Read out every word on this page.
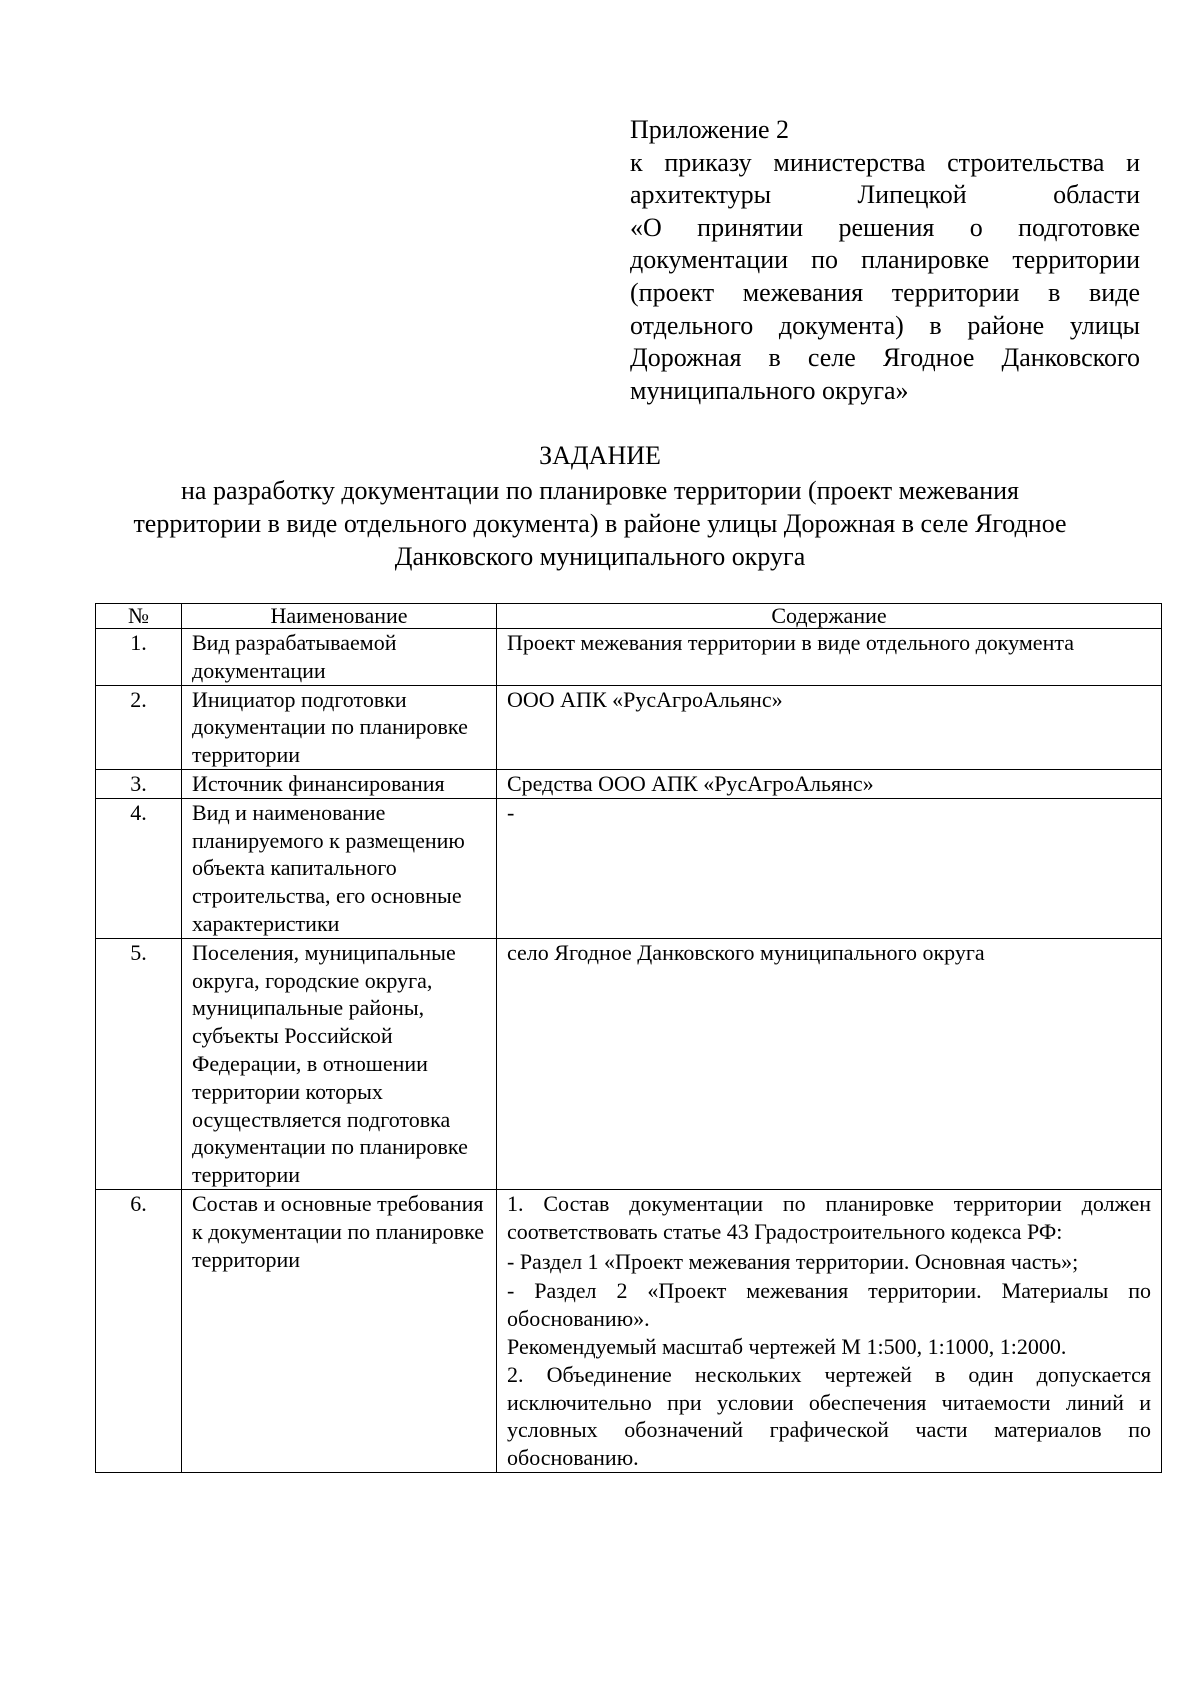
Приложение 2
к приказу министерства строительства и
архитектуры Липецкой области
«О принятии решения о подготовке
документации по планировке территории
(проект межевания территории в виде
отдельного документа) в районе улицы
Дорожная в селе Ягодное Данковского
муниципального округа»
ЗАДАНИЕ
на разработку документации по планировке территории (проект межевания
территории в виде отдельного документа) в районе улицы Дорожная в селе Ягодное
Данковского муниципального округа
№	Наименование	Содержание
1.	Вид разрабатываемой документации	Проект межевания территории в виде отдельного документа

2.	Инициатор подготовки документации по планировке территории	ООО АПК «РусАгроАльянс»

3.	Источник финансирования	Средства ООО АПК «РусАгроАльянс»

4.	Вид и наименование планируемого к размещению объекта капитального строительства, его основные характеристики	-

5.	Поселения, муниципальные округа, городские округа, муниципальные районы, субъекты Российской Федерации, в отношении территории которых осуществляется подготовка документации по планировке территории	село Ягодное Данковского муниципального округа

6.	Состав и основные требования к документации по планировке территории	1. Состав документации по планировке территории должен соответствовать статье 43 Градостроительного кодекса РФ:

- Раздел 1 «Проект межевания территории. Основная часть»;

- Раздел 2 «Проект межевания территории. Материалы по обоснованию».

Рекомендуемый масштаб чертежей М 1:500, 1:1000, 1:2000.

2. Объединение нескольких чертежей в один допускается исключительно при условии обеспечения читаемости линий и условных обозначений графической части материалов по обоснованию.
